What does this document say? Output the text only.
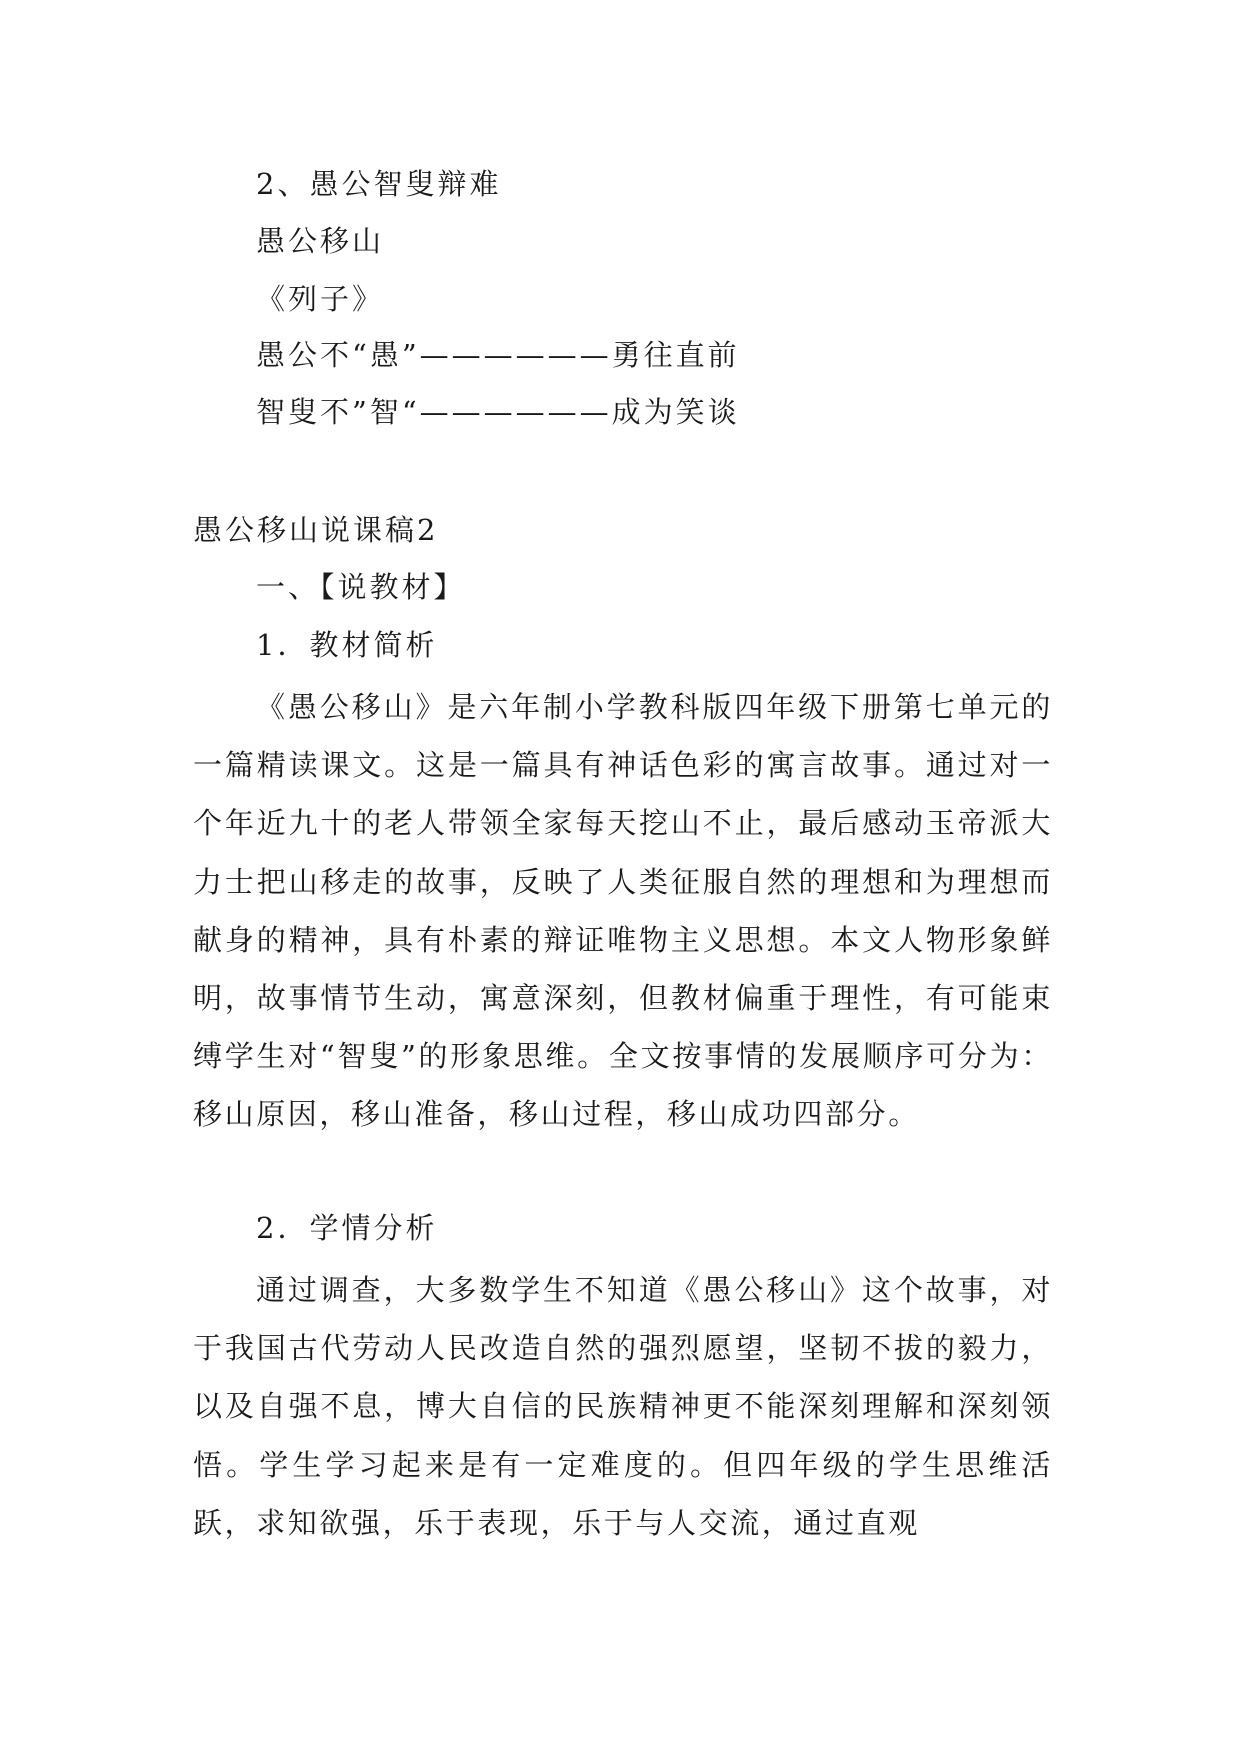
2、愚公智叟辩难
愚公移山
《列子》
愚公不“愚”——————勇往直前
智叟不”智“——————成为笑谈
愚公移山说课稿2
一、【说教材】
1．教材简析

《愚公移山》是六年制小学教科版四年级下册第七单元的一篇精读课文。这是一篇具有神话色彩的寓言故事。通过对一个年近九十的老人带领全家每天挖山不止，最后感动玉帝派大力士把山移走的故事，反映了人类征服自然的理想和为理想而献身的精神，具有朴素的辩证唯物主义思想。本文人物形象鲜明，故事情节生动，寓意深刻，但教材偏重于理性，有可能束缚学生对“智叟”的形象思维。全文按事情的发展顺序可分为：移山原因，移山准备，移山过程，移山成功四部分。

2．学情分析

通过调查，大多数学生不知道《愚公移山》这个故事，对于我国古代劳动人民改造自然的强烈愿望，坚韧不拔的毅力，以及自强不息，博大自信的民族精神更不能深刻理解和深刻领悟。学生学习起来是有一定难度的。但四年级的学生思维活跃，求知欲强，乐于表现，乐于与人交流，通过直观
